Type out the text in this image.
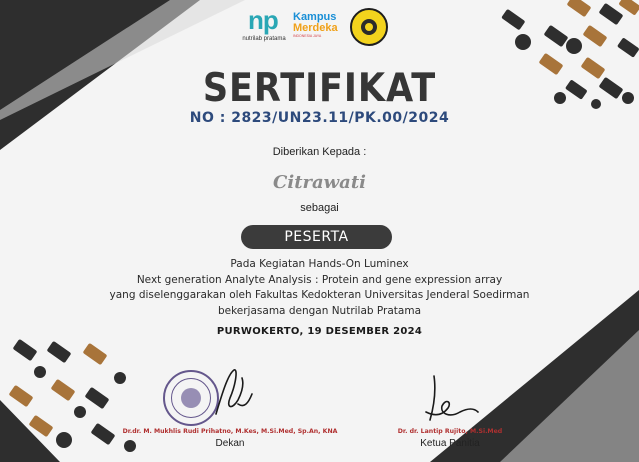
np
nutrilab pratama
Kampus
Merdeka
INDONESIA JAYA
SERTIFIKAT
NO : 2823/UN23.11/PK.00/2024
Diberikan Kepada :
Citrawati
sebagai
PESERTA
Pada Kegiatan Hands-On Luminex
Next generation Analyte Analysis : Protein and gene expression array
yang diselenggarakan oleh Fakultas Kedokteran Universitas Jenderal Soedirman
bekerjasama dengan Nutrilab Pratama
PURWOKERTO, 19 DESEMBER 2024
Dr.dr. M. Mukhlis Rudi Prihatno, M.Kes, M.Si.Med, Sp.An, KNA
Dekan
Dr. dr. Lantip Rujito, M.Si.Med
Ketua Panitia
